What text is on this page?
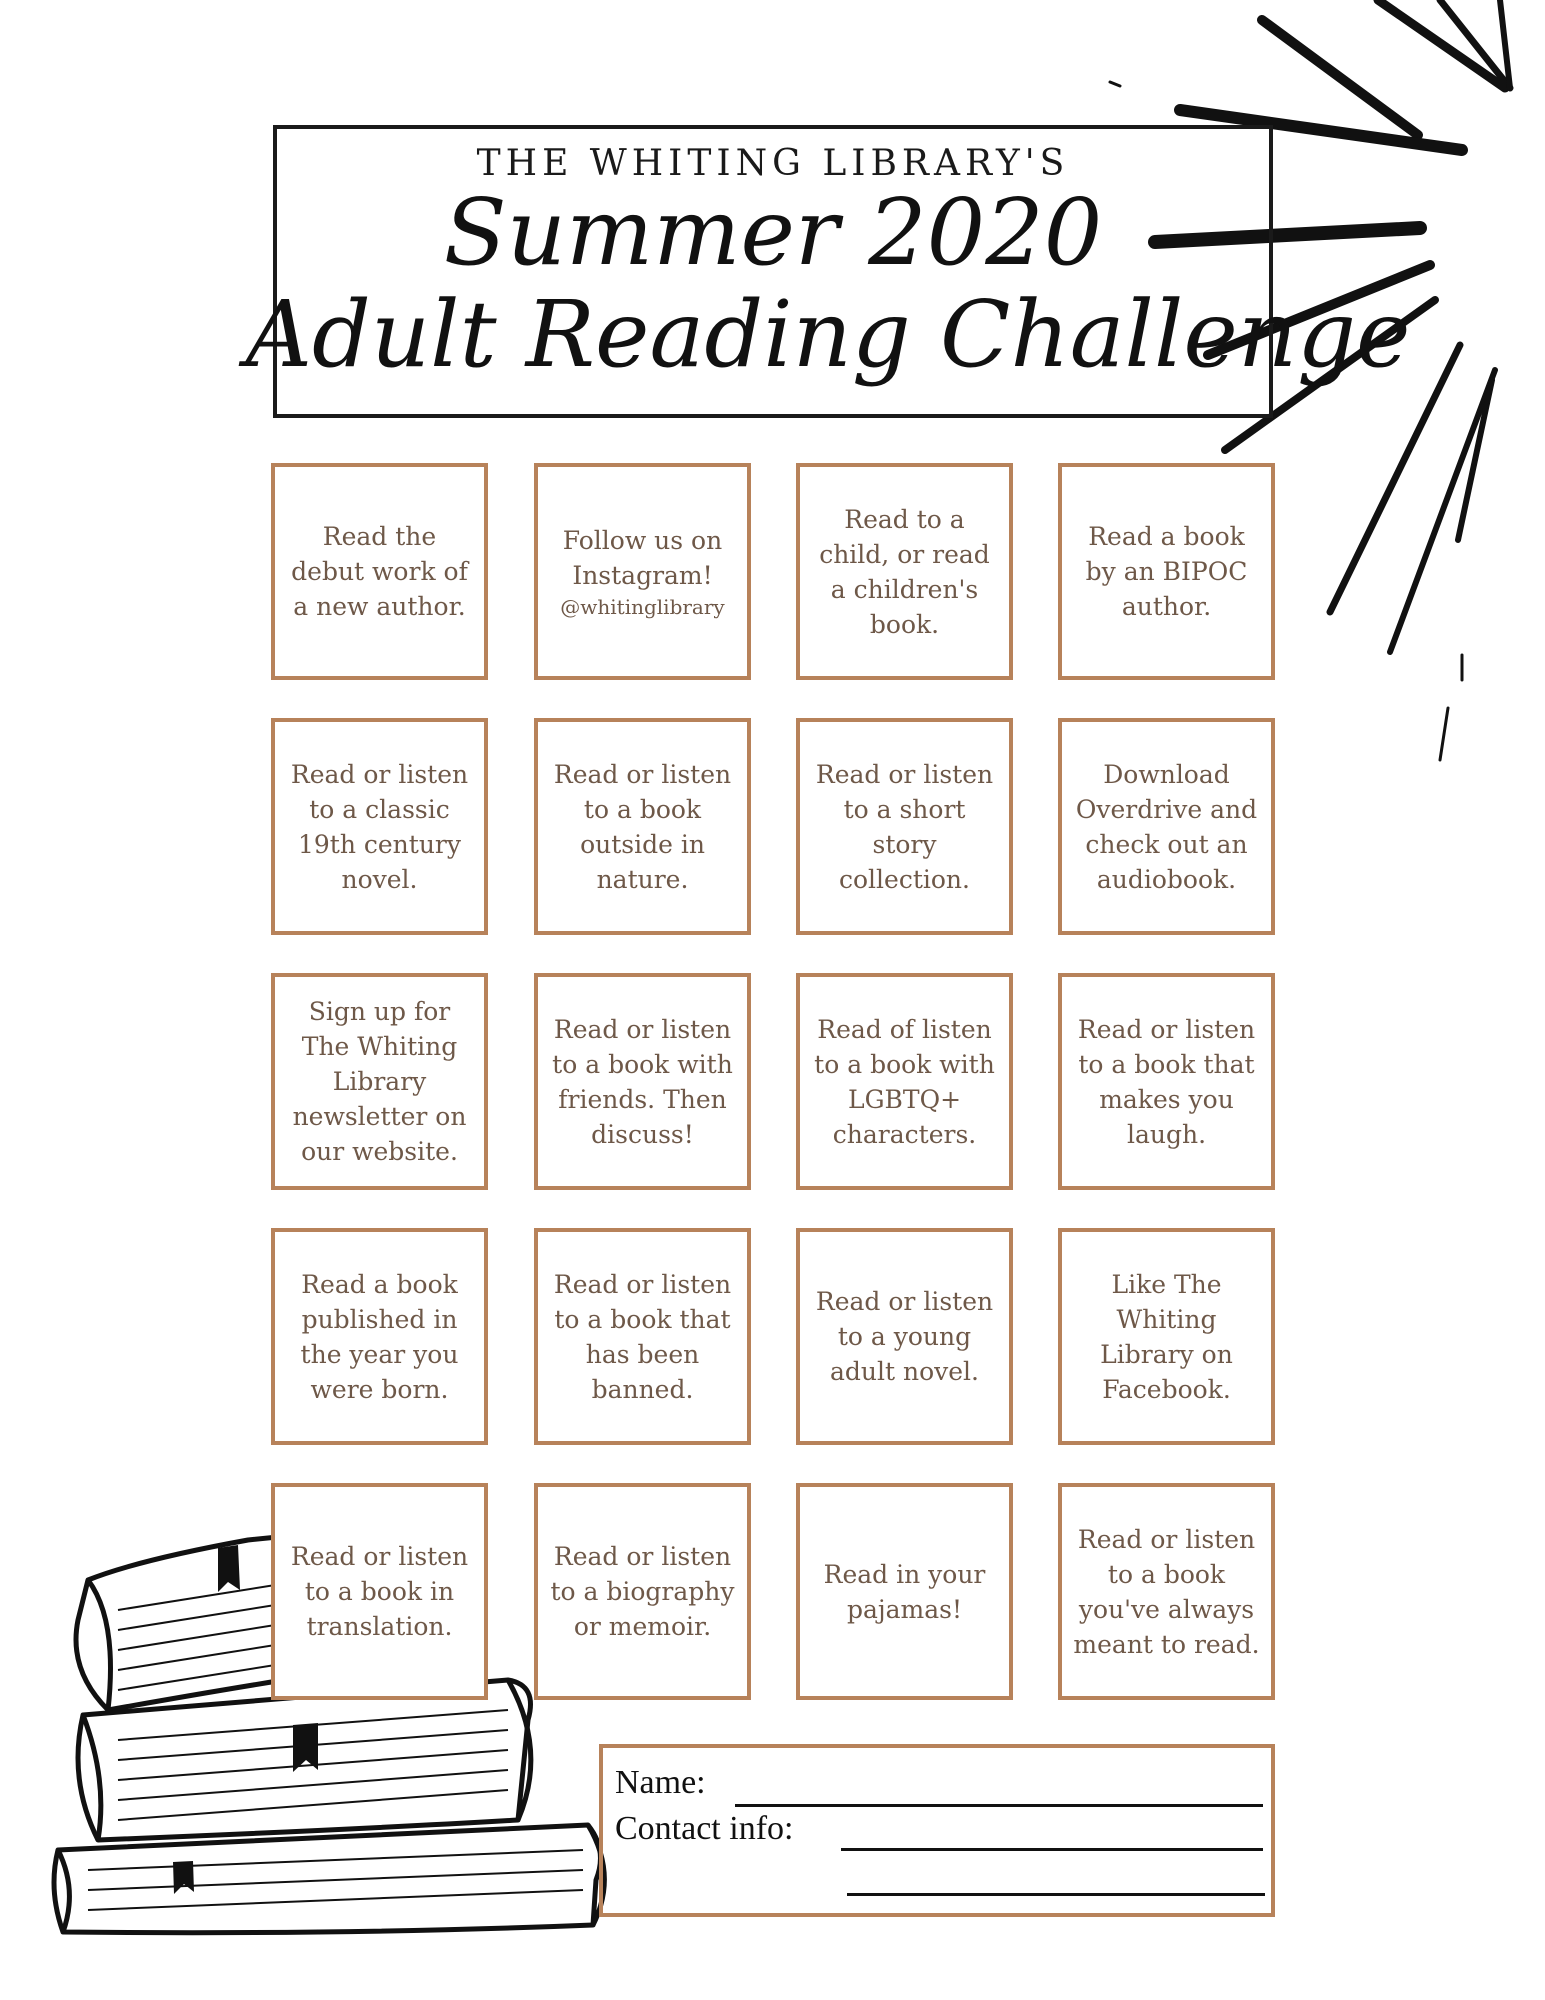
THE WHITING LIBRARY'S
Summer 2020
Adult Reading Challenge
Read the debut work of a new author.
Follow us on Instagram!
@whitinglibrary
Read to a child, or read a children's book.
Read a book by an BIPOC author.
Read or listen to a classic 19th century novel.
Read or listen to a book outside in nature.
Read or listen to a short story collection.
Download Overdrive and check out an audiobook.
Sign up for The Whiting Library newsletter on our website.
Read or listen to a book with friends. Then discuss!
Read of listen to a book with LGBTQ+ characters.
Read or listen to a book that makes you laugh.
Read a book published in the year you were born.
Read or listen to a book that has been banned.
Read or listen to a young adult novel.
Like The Whiting Library on Facebook.
Read or listen to a book in translation.
Read or listen to a biography or memoir.
Read in your pajamas!
Read or listen to a book you've always meant to read.
Name:
Contact info:
